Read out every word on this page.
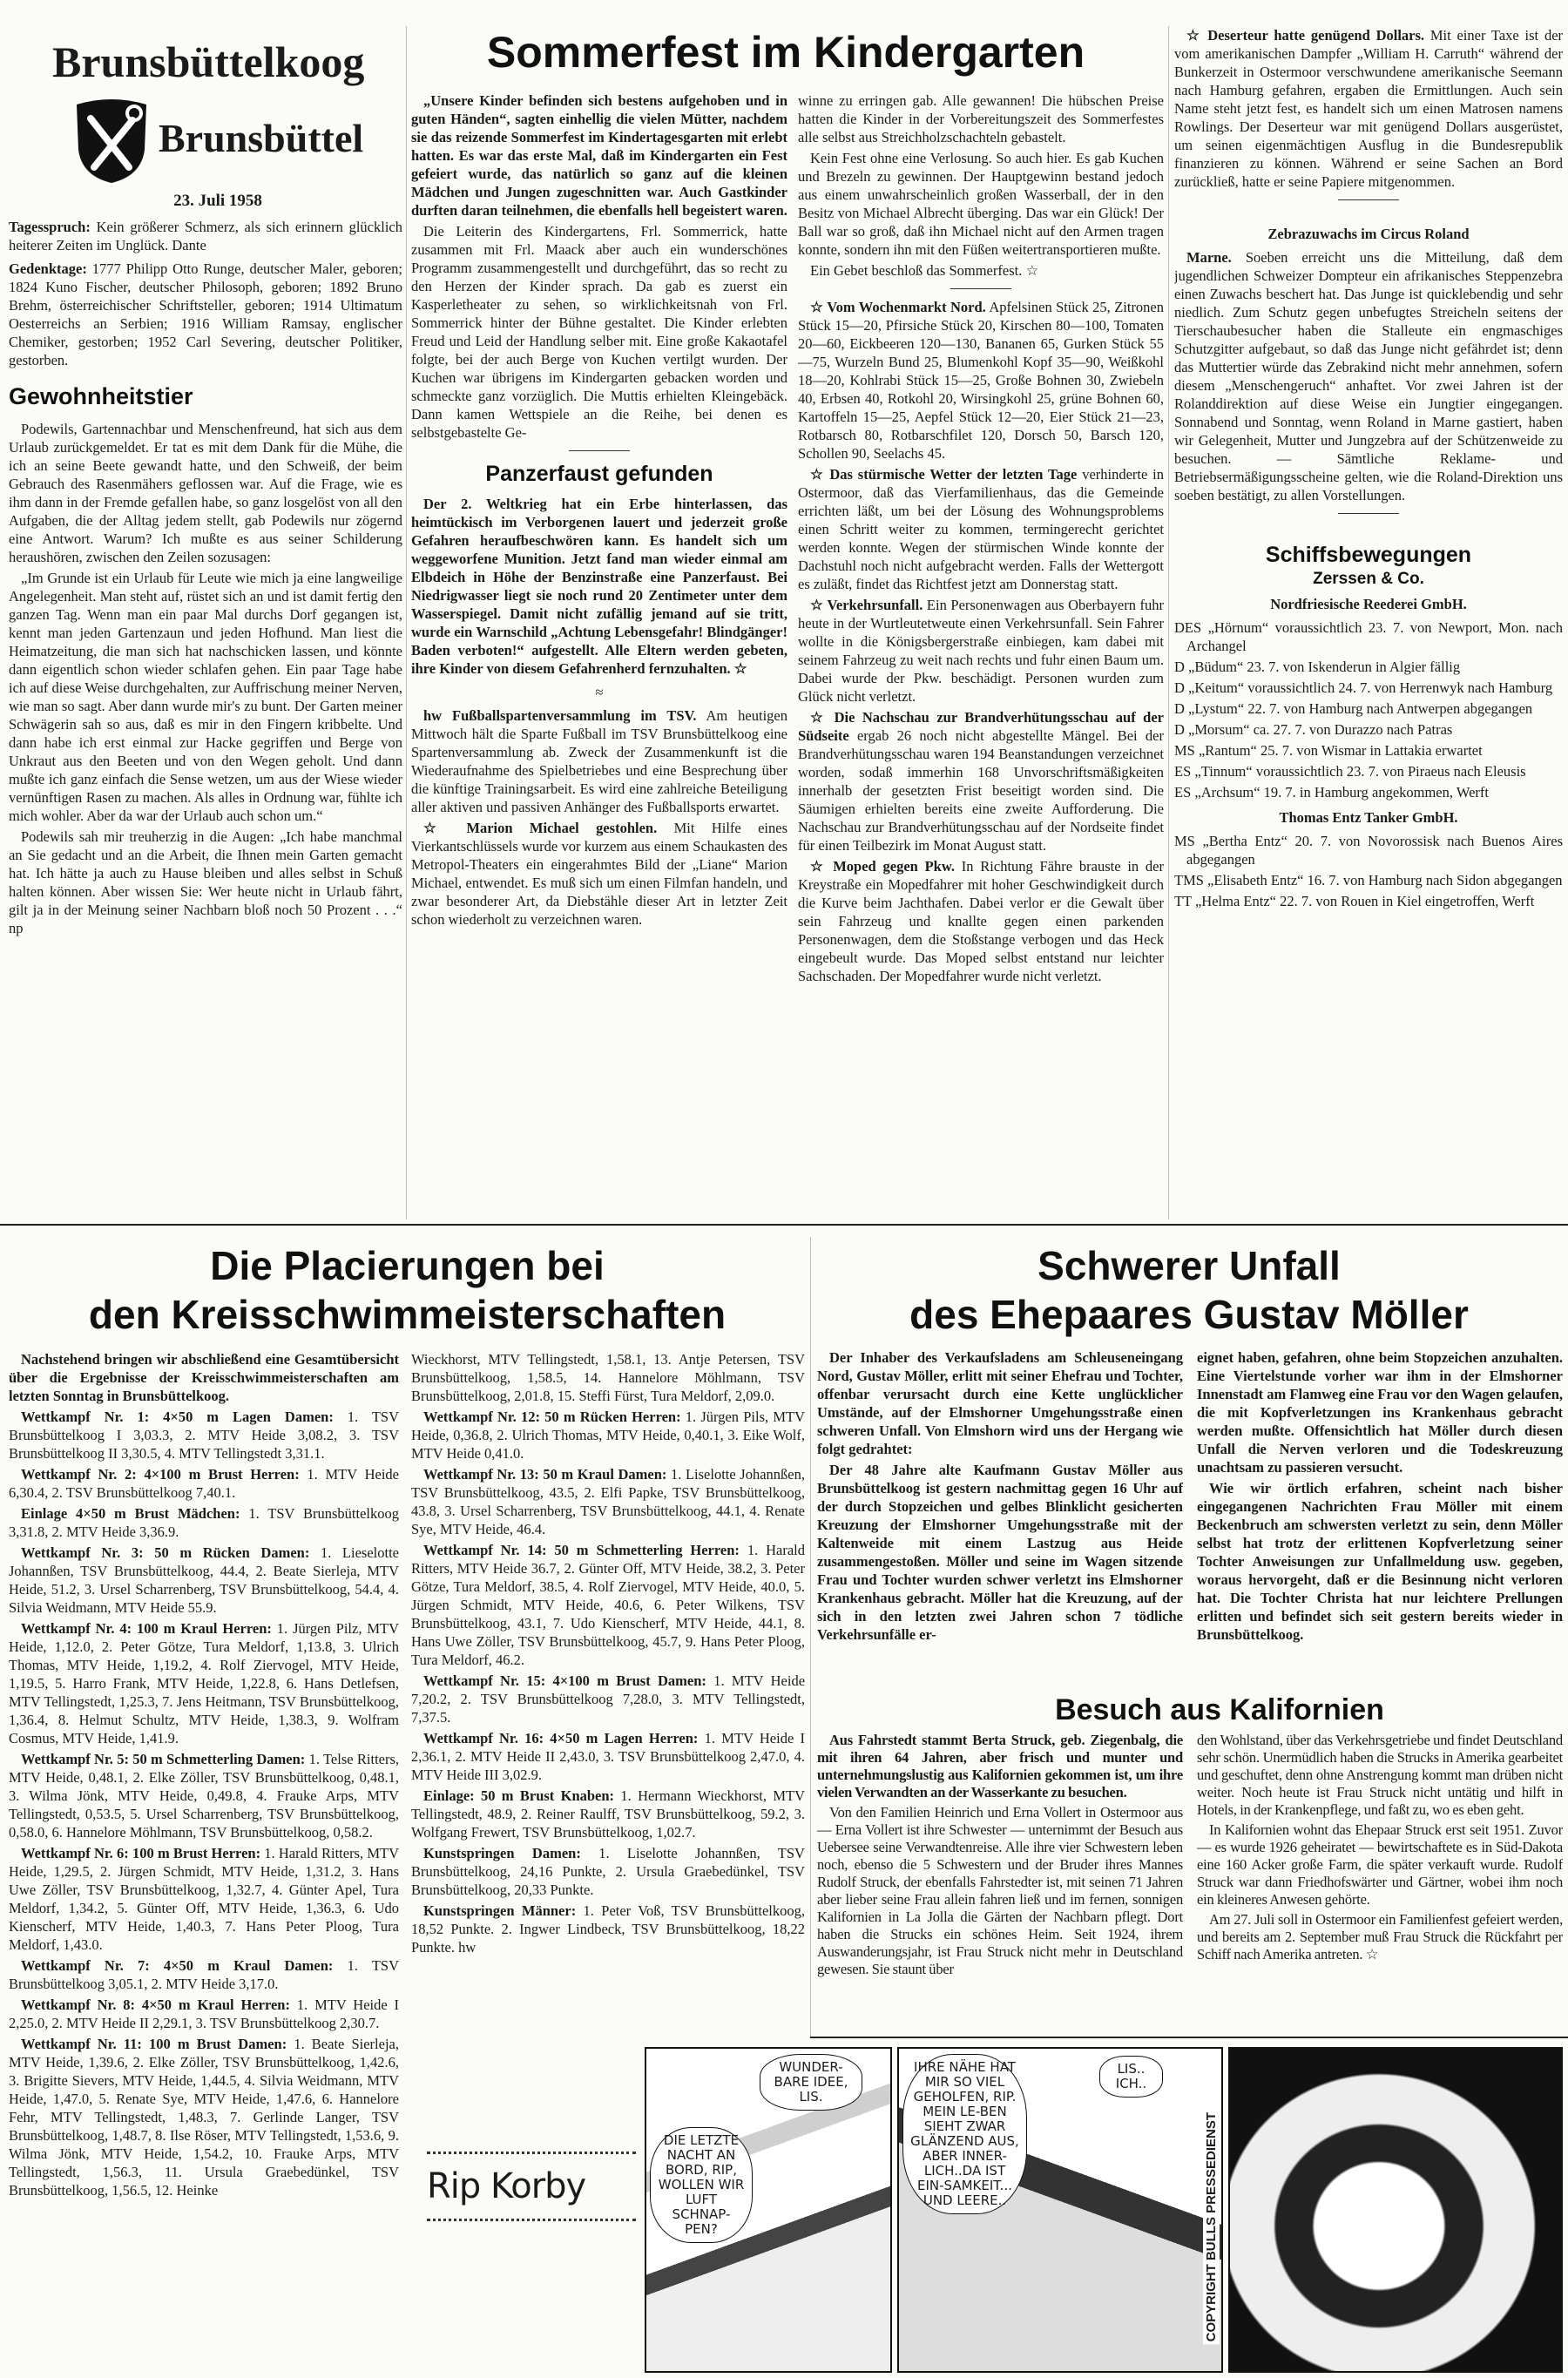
Brunsbüttelkoog
Brunsbüttel
23. Juli 1958

Tagesspruch: Kein größerer Schmerz, als sich erinnern glücklich heiterer Zeiten im Unglück. Dante

Gedenktage: 1777 Philipp Otto Runge, deutscher Maler, geboren; 1824 Kuno Fischer, deutscher Philosoph, geboren; 1892 Bruno Brehm, österreichischer Schriftsteller, geboren; 1914 Ultimatum Oesterreichs an Serbien; 1916 William Ramsay, englischer Chemiker, gestorben; 1952 Carl Severing, deutscher Politiker, gestorben.

Gewohnheitstier

Podewils, Gartennachbar und Menschenfreund, hat sich aus dem Urlaub zurückgemeldet. Er tat es mit dem Dank für die Mühe, die ich an seine Beete gewandt hatte, und den Schweiß, der beim Gebrauch des Rasenmähers geflossen war. Auf die Frage, wie es ihm dann in der Fremde gefallen habe, so ganz losgelöst von all den Aufgaben, die der Alltag jedem stellt, gab Podewils nur zögernd eine Antwort. Warum? Ich mußte es aus seiner Schilderung heraushören, zwischen den Zeilen sozusagen:

„Im Grunde ist ein Urlaub für Leute wie mich ja eine langweilige Angelegenheit. Man steht auf, rüstet sich an und ist damit fertig den ganzen Tag. Wenn man ein paar Mal durchs Dorf gegangen ist, kennt man jeden Gartenzaun und jeden Hofhund. Man liest die Heimatzeitung, die man sich hat nachschicken lassen, und könnte dann eigentlich schon wieder schlafen gehen. Ein paar Tage habe ich auf diese Weise durchgehalten, zur Auffrischung meiner Nerven, wie man so sagt. Aber dann wurde mir's zu bunt. Der Garten meiner Schwägerin sah so aus, daß es mir in den Fingern kribbelte. Und dann habe ich erst einmal zur Hacke gegriffen und Berge von Unkraut aus den Beeten und von den Wegen geholt. Und dann mußte ich ganz einfach die Sense wetzen, um aus der Wiese wieder vernünftigen Rasen zu machen. Als alles in Ordnung war, fühlte ich mich wohler. Aber da war der Urlaub auch schon um.“

Podewils sah mir treuherzig in die Augen: „Ich habe manchmal an Sie gedacht und an die Arbeit, die Ihnen mein Garten gemacht hat. Ich hätte ja auch zu Hause bleiben und alles selbst in Schuß halten können. Aber wissen Sie: Wer heute nicht in Urlaub fährt, gilt ja in der Meinung seiner Nachbarn bloß noch 50 Prozent . . .“ np

Sommerfest im Kindergarten

„Unsere Kinder befinden sich bestens aufgehoben und in guten Händen“, sagten einhellig die vielen Mütter, nachdem sie das reizende Sommerfest im Kindertagesgarten mit erlebt hatten. Es war das erste Mal, daß im Kindergarten ein Fest gefeiert wurde, das natürlich so ganz auf die kleinen Mädchen und Jungen zugeschnitten war. Auch Gastkinder durften daran teilnehmen, die ebenfalls hell begeistert waren.

Die Leiterin des Kindergartens, Frl. Sommerrick, hatte zusammen mit Frl. Maack aber auch ein wunderschönes Programm zusammengestellt und durchgeführt, das so recht zu den Herzen der Kinder sprach. Da gab es zuerst ein Kasperletheater zu sehen, so wirklichkeitsnah von Frl. Sommerrick hinter der Bühne gestaltet. Die Kinder erlebten Freud und Leid der Handlung selber mit. Eine große Kakaotafel folgte, bei der auch Berge von Kuchen vertilgt wurden. Der Kuchen war übrigens im Kindergarten gebacken worden und schmeckte ganz vorzüglich. Die Muttis erhielten Kleingebäck. Dann kamen Wettspiele an die Reihe, bei denen es selbstgebastelte Ge-

Panzerfaust gefunden

Der 2. Weltkrieg hat ein Erbe hinterlassen, das heimtückisch im Verborgenen lauert und jederzeit große Gefahren heraufbeschwören kann. Es handelt sich um weggeworfene Munition. Jetzt fand man wieder einmal am Elbdeich in Höhe der Benzinstraße eine Panzerfaust. Bei Niedrigwasser liegt sie noch rund 20 Zentimeter unter dem Wasserspiegel. Damit nicht zufällig jemand auf sie tritt, wurde ein Warnschild „Achtung Lebensgefahr! Blindgänger! Baden verboten!“ aufgestellt. Alle Eltern werden gebeten, ihre Kinder von diesem Gefahrenherd fernzuhalten. ☆

≈

hw Fußballspartenversammlung im TSV. Am heutigen Mittwoch hält die Sparte Fußball im TSV Brunsbüttelkoog eine Spartenversammlung ab. Zweck der Zusammenkunft ist die Wiederaufnahme des Spielbetriebes und eine Besprechung über die künftige Trainingsarbeit. Es wird eine zahlreiche Beteiligung aller aktiven und passiven Anhänger des Fußballsports erwartet.

☆ Marion Michael gestohlen. Mit Hilfe eines Vierkantschlüssels wurde vor kurzem aus einem Schaukasten des Metropol-Theaters ein eingerahmtes Bild der „Liane“ Marion Michael, entwendet. Es muß sich um einen Filmfan handeln, und zwar besonderer Art, da Diebstähle dieser Art in letzter Zeit schon wiederholt zu verzeichnen waren.

winne zu erringen gab. Alle gewannen! Die hübschen Preise hatten die Kinder in der Vorbereitungszeit des Sommerfestes alle selbst aus Streichholzschachteln gebastelt.

Kein Fest ohne eine Verlosung. So auch hier. Es gab Kuchen und Brezeln zu gewinnen. Der Hauptgewinn bestand jedoch aus einem unwahrscheinlich großen Wasserball, der in den Besitz von Michael Albrecht überging. Das war ein Glück! Der Ball war so groß, daß ihn Michael nicht auf den Armen tragen konnte, sondern ihn mit den Füßen weitertransportieren mußte.

Ein Gebet beschloß das Sommerfest. ☆

☆ Vom Wochenmarkt Nord. Apfelsinen Stück 25, Zitronen Stück 15—20, Pfirsiche Stück 20, Kirschen 80—100, Tomaten 20—60, Eickbeeren 120—130, Bananen 65, Gurken Stück 55—75, Wurzeln Bund 25, Blumenkohl Kopf 35—90, Weißkohl 18—20, Kohlrabi Stück 15—25, Große Bohnen 30, Zwiebeln 40, Erbsen 40, Rotkohl 20, Wirsingkohl 25, grüne Bohnen 60, Kartoffeln 15—25, Aepfel Stück 12—20, Eier Stück 21—23, Rotbarsch 80, Rotbarschfilet 120, Dorsch 50, Barsch 120, Schollen 90, Seelachs 45.

☆ Das stürmische Wetter der letzten Tage verhinderte in Ostermoor, daß das Vierfamilienhaus, das die Gemeinde errichten läßt, um bei der Lösung des Wohnungsproblems einen Schritt weiter zu kommen, termingerecht gerichtet werden konnte. Wegen der stürmischen Winde konnte der Dachstuhl noch nicht aufgebracht werden. Falls der Wettergott es zuläßt, findet das Richtfest jetzt am Donnerstag statt.

☆ Verkehrsunfall. Ein Personenwagen aus Oberbayern fuhr heute in der Wurtleutetweute einen Verkehrsunfall. Sein Fahrer wollte in die Königsbergerstraße einbiegen, kam dabei mit seinem Fahrzeug zu weit nach rechts und fuhr einen Baum um. Dabei wurde der Pkw. beschädigt. Personen wurden zum Glück nicht verletzt.

☆ Die Nachschau zur Brandverhütungsschau auf der Südseite ergab 26 noch nicht abgestellte Mängel. Bei der Brandverhütungsschau waren 194 Beanstandungen verzeichnet worden, sodaß immerhin 168 Unvorschriftsmäßigkeiten innerhalb der gesetzten Frist beseitigt worden sind. Die Säumigen erhielten bereits eine zweite Aufforderung. Die Nachschau zur Brandverhütungsschau auf der Nordseite findet für einen Teilbezirk im Monat August statt.

☆ Moped gegen Pkw. In Richtung Fähre brauste in der Kreystraße ein Mopedfahrer mit hoher Geschwindigkeit durch die Kurve beim Jachthafen. Dabei verlor er die Gewalt über sein Fahrzeug und knallte gegen einen parkenden Personenwagen, dem die Stoßstange verbogen und das Heck eingebeult wurde. Das Moped selbst entstand nur leichter Sachschaden. Der Mopedfahrer wurde nicht verletzt.

☆ Deserteur hatte genügend Dollars. Mit einer Taxe ist der vom amerikanischen Dampfer „William H. Carruth“ während der Bunkerzeit in Ostermoor verschwundene amerikanische Seemann nach Hamburg gefahren, ergaben die Ermittlungen. Auch sein Name steht jetzt fest, es handelt sich um einen Matrosen namens Rowlings. Der Deserteur war mit genügend Dollars ausgerüstet, um seinen eigenmächtigen Ausflug in die Bundesrepublik finanzieren zu können. Während er seine Sachen an Bord zurückließ, hatte er seine Papiere mitgenommen.

Zebrazuwachs im Circus Roland

Marne. Soeben erreicht uns die Mitteilung, daß dem jugendlichen Schweizer Dompteur ein afrikanisches Steppenzebra einen Zuwachs beschert hat. Das Junge ist quicklebendig und sehr niedlich. Zum Schutz gegen unbefugtes Streicheln seitens der Tierschaubesucher haben die Stalleute ein engmaschiges Schutzgitter aufgebaut, so daß das Junge nicht gefährdet ist; denn das Muttertier würde das Zebrakind nicht mehr annehmen, sofern diesem „Menschengeruch“ anhaftet. Vor zwei Jahren ist der Rolanddirektion auf diese Weise ein Jungtier eingegangen. Sonnabend und Sonntag, wenn Roland in Marne gastiert, haben wir Gelegenheit, Mutter und Jungzebra auf der Schützenweide zu besuchen. — Sämtliche Reklame- und Betriebsermäßigungsscheine gelten, wie die Roland-Direktion uns soeben bestätigt, zu allen Vorstellungen.

Schiffsbewegungen
Zerssen & Co.
Nordfriesische Reederei GmbH.

DES „Hörnum“ voraussichtlich 23. 7. von Newport, Mon. nach Archangel

D „Büdum“ 23. 7. von Iskenderun in Algier fällig

D „Keitum“ voraussichtlich 24. 7. von Herrenwyk nach Hamburg

D „Lystum“ 22. 7. von Hamburg nach Antwerpen abgegangen

D „Morsum“ ca. 27. 7. von Durazzo nach Patras

MS „Rantum“ 25. 7. von Wismar in Lattakia erwartet

ES „Tinnum“ voraussichtlich 23. 7. von Piraeus nach Eleusis

ES „Archsum“ 19. 7. in Hamburg angekommen, Werft

Thomas Entz Tanker GmbH.

MS „Bertha Entz“ 20. 7. von Novorossisk nach Buenos Aires abgegangen

TMS „Elisabeth Entz“ 16. 7. von Hamburg nach Sidon abgegangen

TT „Helma Entz“ 22. 7. von Rouen in Kiel eingetroffen, Werft

Die Placierungen bei
den Kreisschwimmeisterschaften

Nachstehend bringen wir abschließend eine Gesamtübersicht über die Ergebnisse der Kreisschwimmeisterschaften am letzten Sonntag in Brunsbüttelkoog.

Wettkampf Nr. 1: 4×50 m Lagen Damen: 1. TSV Brunsbüttelkoog I 3,03.3, 2. MTV Heide 3,08.2, 3. TSV Brunsbüttelkoog II 3,30.5, 4. MTV Tellingstedt 3,31.1.

Wettkampf Nr. 2: 4×100 m Brust Herren: 1. MTV Heide 6,30.4, 2. TSV Brunsbüttelkoog 7,40.1.

Einlage 4×50 m Brust Mädchen: 1. TSV Brunsbüttelkoog 3,31.8, 2. MTV Heide 3,36.9.

Wettkampf Nr. 3: 50 m Rücken Damen: 1. Lieselotte Johannßen, TSV Brunsbüttelkoog, 44.4, 2. Beate Sierleja, MTV Heide, 51.2, 3. Ursel Scharrenberg, TSV Brunsbüttelkoog, 54.4, 4. Silvia Weidmann, MTV Heide 55.9.

Wettkampf Nr. 4: 100 m Kraul Herren: 1. Jürgen Pilz, MTV Heide, 1,12.0, 2. Peter Götze, Tura Meldorf, 1,13.8, 3. Ulrich Thomas, MTV Heide, 1,19.2, 4. Rolf Ziervogel, MTV Heide, 1,19.5, 5. Harro Frank, MTV Heide, 1,22.8, 6. Hans Detlefsen, MTV Tellingstedt, 1,25.3, 7. Jens Heitmann, TSV Brunsbüttelkoog, 1,36.4, 8. Helmut Schultz, MTV Heide, 1,38.3, 9. Wolfram Cosmus, MTV Heide, 1,41.9.

Wettkampf Nr. 5: 50 m Schmetterling Damen: 1. Telse Ritters, MTV Heide, 0,48.1, 2. Elke Zöller, TSV Brunsbüttelkoog, 0,48.1, 3. Wilma Jönk, MTV Heide, 0,49.8, 4. Frauke Arps, MTV Tellingstedt, 0,53.5, 5. Ursel Scharrenberg, TSV Brunsbüttelkoog, 0,58.0, 6. Hannelore Möhlmann, TSV Brunsbüttelkoog, 0,58.2.

Wettkampf Nr. 6: 100 m Brust Herren: 1. Harald Ritters, MTV Heide, 1,29.5, 2. Jürgen Schmidt, MTV Heide, 1,31.2, 3. Hans Uwe Zöller, TSV Brunsbüttelkoog, 1,32.7, 4. Günter Apel, Tura Meldorf, 1,34.2, 5. Günter Off, MTV Heide, 1,36.3, 6. Udo Kienscherf, MTV Heide, 1,40.3, 7. Hans Peter Ploog, Tura Meldorf, 1,43.0.

Wettkampf Nr. 7: 4×50 m Kraul Damen: 1. TSV Brunsbüttelkoog 3,05.1, 2. MTV Heide 3,17.0.

Wettkampf Nr. 8: 4×50 m Kraul Herren: 1. MTV Heide I 2,25.0, 2. MTV Heide II 2,29.1, 3. TSV Brunsbüttelkoog 2,30.7.

Wettkampf Nr. 11: 100 m Brust Damen: 1. Beate Sierleja, MTV Heide, 1,39.6, 2. Elke Zöller, TSV Brunsbüttelkoog, 1,42.6, 3. Brigitte Sievers, MTV Heide, 1,44.5, 4. Silvia Weidmann, MTV Heide, 1,47.0, 5. Renate Sye, MTV Heide, 1,47.6, 6. Hannelore Fehr, MTV Tellingstedt, 1,48.3, 7. Gerlinde Langer, TSV Brunsbüttelkoog, 1,48.7, 8. Ilse Röser, MTV Tellingstedt, 1,53.6, 9. Wilma Jönk, MTV Heide, 1,54.2, 10. Frauke Arps, MTV Tellingstedt, 1,56.3, 11. Ursula Graebedünkel, TSV Brunsbüttelkoog, 1,56.5, 12. Heinke

Wieckhorst, MTV Tellingstedt, 1,58.1, 13. Antje Petersen, TSV Brunsbüttelkoog, 1,58.5, 14. Hannelore Möhlmann, TSV Brunsbüttelkoog, 2,01.8, 15. Steffi Fürst, Tura Meldorf, 2,09.0.

Wettkampf Nr. 12: 50 m Rücken Herren: 1. Jürgen Pils, MTV Heide, 0,36.8, 2. Ulrich Thomas, MTV Heide, 0,40.1, 3. Eike Wolf, MTV Heide 0,41.0.

Wettkampf Nr. 13: 50 m Kraul Damen: 1. Liselotte Johannßen, TSV Brunsbüttelkoog, 43.5, 2. Elfi Papke, TSV Brunsbüttelkoog, 43.8, 3. Ursel Scharrenberg, TSV Brunsbüttelkoog, 44.1, 4. Renate Sye, MTV Heide, 46.4.

Wettkampf Nr. 14: 50 m Schmetterling Herren: 1. Harald Ritters, MTV Heide 36.7, 2. Günter Off, MTV Heide, 38.2, 3. Peter Götze, Tura Meldorf, 38.5, 4. Rolf Ziervogel, MTV Heide, 40.0, 5. Jürgen Schmidt, MTV Heide, 40.6, 6. Peter Wilkens, TSV Brunsbüttelkoog, 43.1, 7. Udo Kienscherf, MTV Heide, 44.1, 8. Hans Uwe Zöller, TSV Brunsbüttelkoog, 45.7, 9. Hans Peter Ploog, Tura Meldorf, 46.2.

Wettkampf Nr. 15: 4×100 m Brust Damen: 1. MTV Heide 7,20.2, 2. TSV Brunsbüttelkoog 7,28.0, 3. MTV Tellingstedt, 7,37.5.

Wettkampf Nr. 16: 4×50 m Lagen Herren: 1. MTV Heide I 2,36.1, 2. MTV Heide II 2,43.0, 3. TSV Brunsbüttelkoog 2,47.0, 4. MTV Heide III 3,02.9.

Einlage: 50 m Brust Knaben: 1. Hermann Wieckhorst, MTV Tellingstedt, 48.9, 2. Reiner Raulff, TSV Brunsbüttelkoog, 59.2, 3. Wolfgang Frewert, TSV Brunsbüttelkoog, 1,02.7.

Kunstspringen Damen: 1. Liselotte Johannßen, TSV Brunsbüttelkoog, 24,16 Punkte, 2. Ursula Graebedünkel, TSV Brunsbüttelkoog, 20,33 Punkte.

Kunstspringen Männer: 1. Peter Voß, TSV Brunsbüttelkoog, 18,52 Punkte. 2. Ingwer Lindbeck, TSV Brunsbüttelkoog, 18,22 Punkte. hw

Schwerer Unfall
des Ehepaares Gustav Möller

Der Inhaber des Verkaufsladens am Schleuseneingang Nord, Gustav Möller, erlitt mit seiner Ehefrau und Tochter, offenbar verursacht durch eine Kette unglücklicher Umstände, auf der Elmshorner Umgehungsstraße einen schweren Unfall. Von Elmshorn wird uns der Hergang wie folgt gedrahtet:

Der 48 Jahre alte Kaufmann Gustav Möller aus Brunsbüttelkoog ist gestern nachmittag gegen 16 Uhr auf der durch Stopzeichen und gelbes Blinklicht gesicherten Kreuzung der Elmshorner Umgehungsstraße mit der Kaltenweide mit einem Lastzug aus Heide zusammengestoßen. Möller und seine im Wagen sitzende Frau und Tochter wurden schwer verletzt ins Elmshorner Krankenhaus gebracht. Möller hat die Kreuzung, auf der sich in den letzten zwei Jahren schon 7 tödliche Verkehrsunfälle er-

eignet haben, gefahren, ohne beim Stopzeichen anzuhalten. Eine Viertelstunde vorher war ihm in der Elmshorner Innenstadt am Flamweg eine Frau vor den Wagen gelaufen, die mit Kopfverletzungen ins Krankenhaus gebracht werden mußte. Offensichtlich hat Möller durch diesen Unfall die Nerven verloren und die Todeskreuzung unachtsam zu passieren versucht.

Wie wir örtlich erfahren, scheint nach bisher eingegangenen Nachrichten Frau Möller mit einem Beckenbruch am schwersten verletzt zu sein, denn Möller selbst hat trotz der erlittenen Kopfverletzung seiner Tochter Anweisungen zur Unfallmeldung usw. gegeben, woraus hervorgeht, daß er die Besinnung nicht verloren hat. Die Tochter Christa hat nur leichtere Prellungen erlitten und befindet sich seit gestern bereits wieder in Brunsbüttelkoog.

Besuch aus Kalifornien

Aus Fahrstedt stammt Berta Struck, geb. Ziegenbalg, die mit ihren 64 Jahren, aber frisch und munter und unternehmungslustig aus Kalifornien gekommen ist, um ihre vielen Verwandten an der Wasserkante zu besuchen.

Von den Familien Heinrich und Erna Vollert in Ostermoor aus — Erna Vollert ist ihre Schwester — unternimmt der Besuch aus Uebersee seine Verwandtenreise. Alle ihre vier Schwestern leben noch, ebenso die 5 Schwestern und der Bruder ihres Mannes Rudolf Struck, der ebenfalls Fahrstedter ist, mit seinen 71 Jahren aber lieber seine Frau allein fahren ließ und im fernen, sonnigen Kalifornien in La Jolla die Gärten der Nachbarn pflegt. Dort haben die Strucks ein schönes Heim. Seit 1924, ihrem Auswanderungsjahr, ist Frau Struck nicht mehr in Deutschland gewesen. Sie staunt über

den Wohlstand, über das Verkehrsgetriebe und findet Deutschland sehr schön. Unermüdlich haben die Strucks in Amerika gearbeitet und geschuftet, denn ohne Anstrengung kommt man drüben nicht weiter. Noch heute ist Frau Struck nicht untätig und hilft in Hotels, in der Krankenpflege, und faßt zu, wo es eben geht.

In Kalifornien wohnt das Ehepaar Struck erst seit 1951. Zuvor — es wurde 1926 geheiratet — bewirtschaftete es in Süd-Dakota eine 160 Acker große Farm, die später verkauft wurde. Rudolf Struck war dann Friedhofswärter und Gärtner, wobei ihm noch ein kleineres Anwesen gehörte.

Am 27. Juli soll in Ostermoor ein Familienfest gefeiert werden, und bereits am 2. September muß Frau Struck die Rückfahrt per Schiff nach Amerika antreten. ☆

Rip Korby
WUNDER-BARE IDEE, LIS.
DIE LETZTE NACHT AN BORD, RIP, WOLLEN WIR LUFT SCHNAP-PEN?
IHRE NÄHE HAT MIR SO VIEL GEHOLFEN, RIP. MEIN LE-BEN SIEHT ZWAR GLÄNZEND AUS, ABER INNER-LICH..DA IST EIN-SAMKEIT... UND LEERE..
LIS.. ICH..
COPYRIGHT BULLS PRESSEDIENST
